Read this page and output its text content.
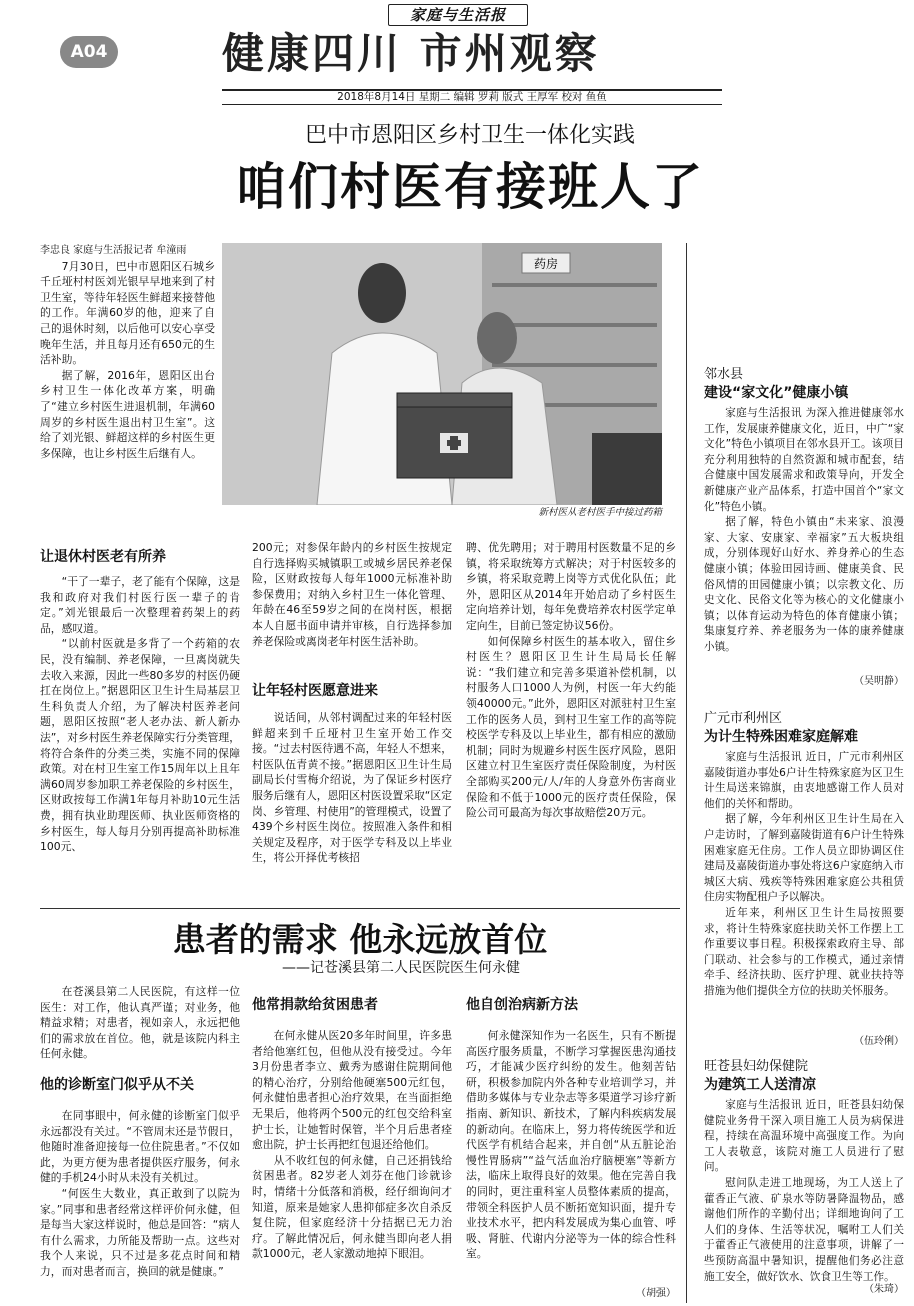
家庭与生活报
A04	健康四川 市州观察
2018年8月14日 星期二 编辑 罗莉 版式 王厚军 校对 鱼鱼
巴中市恩阳区乡村卫生一体化实践
咱们村医有接班人了

李忠良 家庭与生活报记者 牟潼雨

7月30日，巴中市恩阳区石城乡千丘垭村村医刘光银早早地来到了村卫生室，等待年轻医生鲜超来接替他的工作。年满60岁的他，迎来了自己的退休时刻，以后他可以安心享受晚年生活，并且每月还有650元的生活补助。

据了解，2016年，恩阳区出台乡村卫生一体化改革方案，明确了“建立乡村医生进退机制，年满60周岁的乡村医生退出村卫生室”。这给了刘光银、鲜超这样的乡村医生更多保障，也让乡村医生后继有人。

药房
新村医从老村医手中接过药箱
让退休村医老有所养

“干了一辈子，老了能有个保障，这是我和政府对我们村医行医一辈子的肯定。”刘光银最后一次整理着药架上的药品，感叹道。

“以前村医就是多背了一个药箱的农民，没有编制、养老保障，一旦离岗就失去收入来源，因此一些80多岁的村医仍硬扛在岗位上。”据恩阳区卫生计生局基层卫生科负责人介绍，为了解决村医养老问题，恩阳区按照“老人老办法、新人新办法”，对乡村医生养老保障实行分类管理，将符合条件的分类三类，实施不同的保障政策。对在村卫生室工作15周年以上且年满60周岁参加职工养老保险的乡村医生，区财政按每工作满1年每月补助10元生活费，拥有执业助理医师、执业医师资格的乡村医生，每人每月分别再提高补助标准100元、

200元；对参保年龄内的乡村医生按规定自行选择购买城镇职工或城乡居民养老保险，区财政按每人每年1000元标准补助参保费用；对纳入乡村卫生一体化管理、年龄在46至59岁之间的在岗村医，根据本人自愿书面申请并审核，自行选择参加养老保险或离岗老年村医生活补助。

让年轻村医愿意进来

说话间，从邻村调配过来的年轻村医鲜超来到千丘垭村卫生室开始工作交接。“过去村医待遇不高，年轻人不想来，村医队伍青黄不接。”据恩阳区卫生计生局副局长付雪梅介绍说，为了保证乡村医疗服务后继有人，恩阳区村医设置采取“区定岗、乡管理、村使用”的管理模式，设置了439个乡村医生岗位。按照准入条件和相关规定及程序，对于医学专科及以上毕业生，将公开择优考核招

聘、优先聘用；对于聘用村医数量不足的乡镇，将采取统筹方式解决；对于村医较多的乡镇，将采取竞聘上岗等方式优化队伍；此外，恩阳区从2014年开始启动了乡村医生定向培养计划，每年免费培养农村医学定单定向生，目前已签定协议56份。

如何保障乡村医生的基本收入，留住乡村医生？恩阳区卫生计生局局长任解说：“我们建立和完善多渠道补偿机制，以村服务人口1000人为例，村医一年大约能领40000元。”此外，恩阳区对派驻村卫生室工作的医务人员，到村卫生室工作的高等院校医学专科及以上毕业生，都有相应的激励机制；同时为规避乡村医生医疗风险，恩阳区建立村卫生室医疗责任保险制度，为村医全部购买200元/人/年的人身意外伤害商业保险和不低于1000元的医疗责任保险，保险公司可最高为每次事故赔偿20万元。

患者的需求 他永远放首位
——记苍溪县第二人民医院医生何永健

在苍溪县第二人民医院，有这样一位医生：对工作，他认真严谨；对业务，他精益求精；对患者，视如亲人，永远把他们的需求放在首位。他，就是该院内科主任何永健。

他的诊断室门似乎从不关

在同事眼中，何永健的诊断室门似乎永远都没有关过。“不管周末还是节假日，他随时准备迎接每一位住院患者。”不仅如此，为更方便为患者提供医疗服务，何永健的手机24小时从未没有关机过。

“何医生大数业，真正敢到了以院为家。”同事和患者经常这样评价何永健，但是每当大家这样说时，他总是回答：“病人有什么需求，力所能及帮助一点。这些对我个人来说，只不过是多花点时间和精力，而对患者而言，换回的就是健康。”

他常捐款给贫困患者

在何永健从医20多年时间里，许多患者给他塞红包，但他从没有接受过。今年3月份患者李立、戴秀为感谢住院期间他的精心治疗，分别给他硬塞500元红包，何永健怕患者担心治疗效果，在当面拒绝无果后，他将两个500元的红包交给科室护士长，让她暂时保管，半个月后患者痊愈出院，护士长再把红包退还给他们。

从不收红包的何永健，自己还捐钱给贫困患者。82岁老人刘芬在他门诊就诊时，情绪十分低落和消极，经仔细询问才知道，原来是她家人患抑郁症多次自杀反复住院，但家庭经济十分拮据已无力治疗。了解此情况后，何永健当即向老人捐款1000元，老人家激动地掉下眼泪。

他自创治病新方法

何永健深知作为一名医生，只有不断提高医疗服务质量，不断学习掌握医患沟通技巧，才能减少医疗纠纷的发生。他刻苦钻研，积极参加院内外各种专业培训学习，并借助多媒体与专业杂志等多渠道学习诊疗新指南、新知识、新技术，了解内科疾病发展的新动向。在临床上，努力将传统医学和近代医学有机结合起来，并自创“从五脏论治慢性胃肠病”“益气活血治疗脑梗塞”等新方法，临床上取得良好的效果。他在完善自我的同时，更注重科室人员整体素质的提高，带领全科医护人员不断拓宽知识面，提升专业技术水平，把内科发展成为集心血管、呼吸、肾脏、代谢内分泌等为一体的综合性科室。

（胡强）
邻水县
建设“家文化”健康小镇

家庭与生活报讯 为深入推进健康邻水工作，发展康养健康文化，近日，中广“家文化”特色小镇项目在邻水县开工。该项目充分利用独特的自然资源和城市配套，结合健康中国发展需求和政策导向，开发全新健康产业产品体系，打造中国首个“家文化”特色小镇。

据了解，特色小镇由“未来家、浪漫家、大家、安康家、幸福家”五大板块组成，分别体现好山好水、养身养心的生态健康小镇；体验田园诗画、健康美食、民俗风情的田园健康小镇；以宗教文化、历史文化、民俗文化等为核心的文化健康小镇；以体育运动为特色的体育健康小镇；集康复疗养、养老服务为一体的康养健康小镇。

（吴明静）
广元市利州区
为计生特殊困难家庭解难

家庭与生活报讯 近日，广元市利州区嘉陵街道办事处6户计生特殊家庭为区卫生计生局送来锦旗，由衷地感谢工作人员对他们的关怀和帮助。

据了解，今年利州区卫生计生局在入户走访时，了解到嘉陵街道有6户计生特殊困难家庭无住房。工作人员立即协调区住建局及嘉陵街道办事处将这6户家庭纳入市城区大病、残疾等特殊困难家庭公共租赁住房实物配租户予以解决。

近年来，利州区卫生计生局按照要求，将计生特殊家庭扶助关怀工作摆上工作重要议事日程。积极探索政府主导、部门联动、社会参与的工作模式，通过亲情牵手、经济扶助、医疗护理、就业扶持等措施为他们提供全方位的扶助关怀服务。

（伍玲俐）
旺苍县妇幼保健院
为建筑工人送清凉

家庭与生活报讯 近日，旺苍县妇幼保健院业务骨干深入项目施工人员为病保进程，持续在高温环境中高强度工作。为向工人表敬意，该院对施工人员进行了慰问。

慰问队走进工地现场，为工人送上了藿香正气液、矿泉水等防暑降温物品，感谢他们所作的辛勤付出；详细地询问了工人们的身体、生活等状况，嘱咐工人们关于藿香正气液使用的注意事项，讲解了一些预防高温中暑知识，提醒他们务必注意施工安全，做好饮水、饮食卫生等工作。

（朱琦）
